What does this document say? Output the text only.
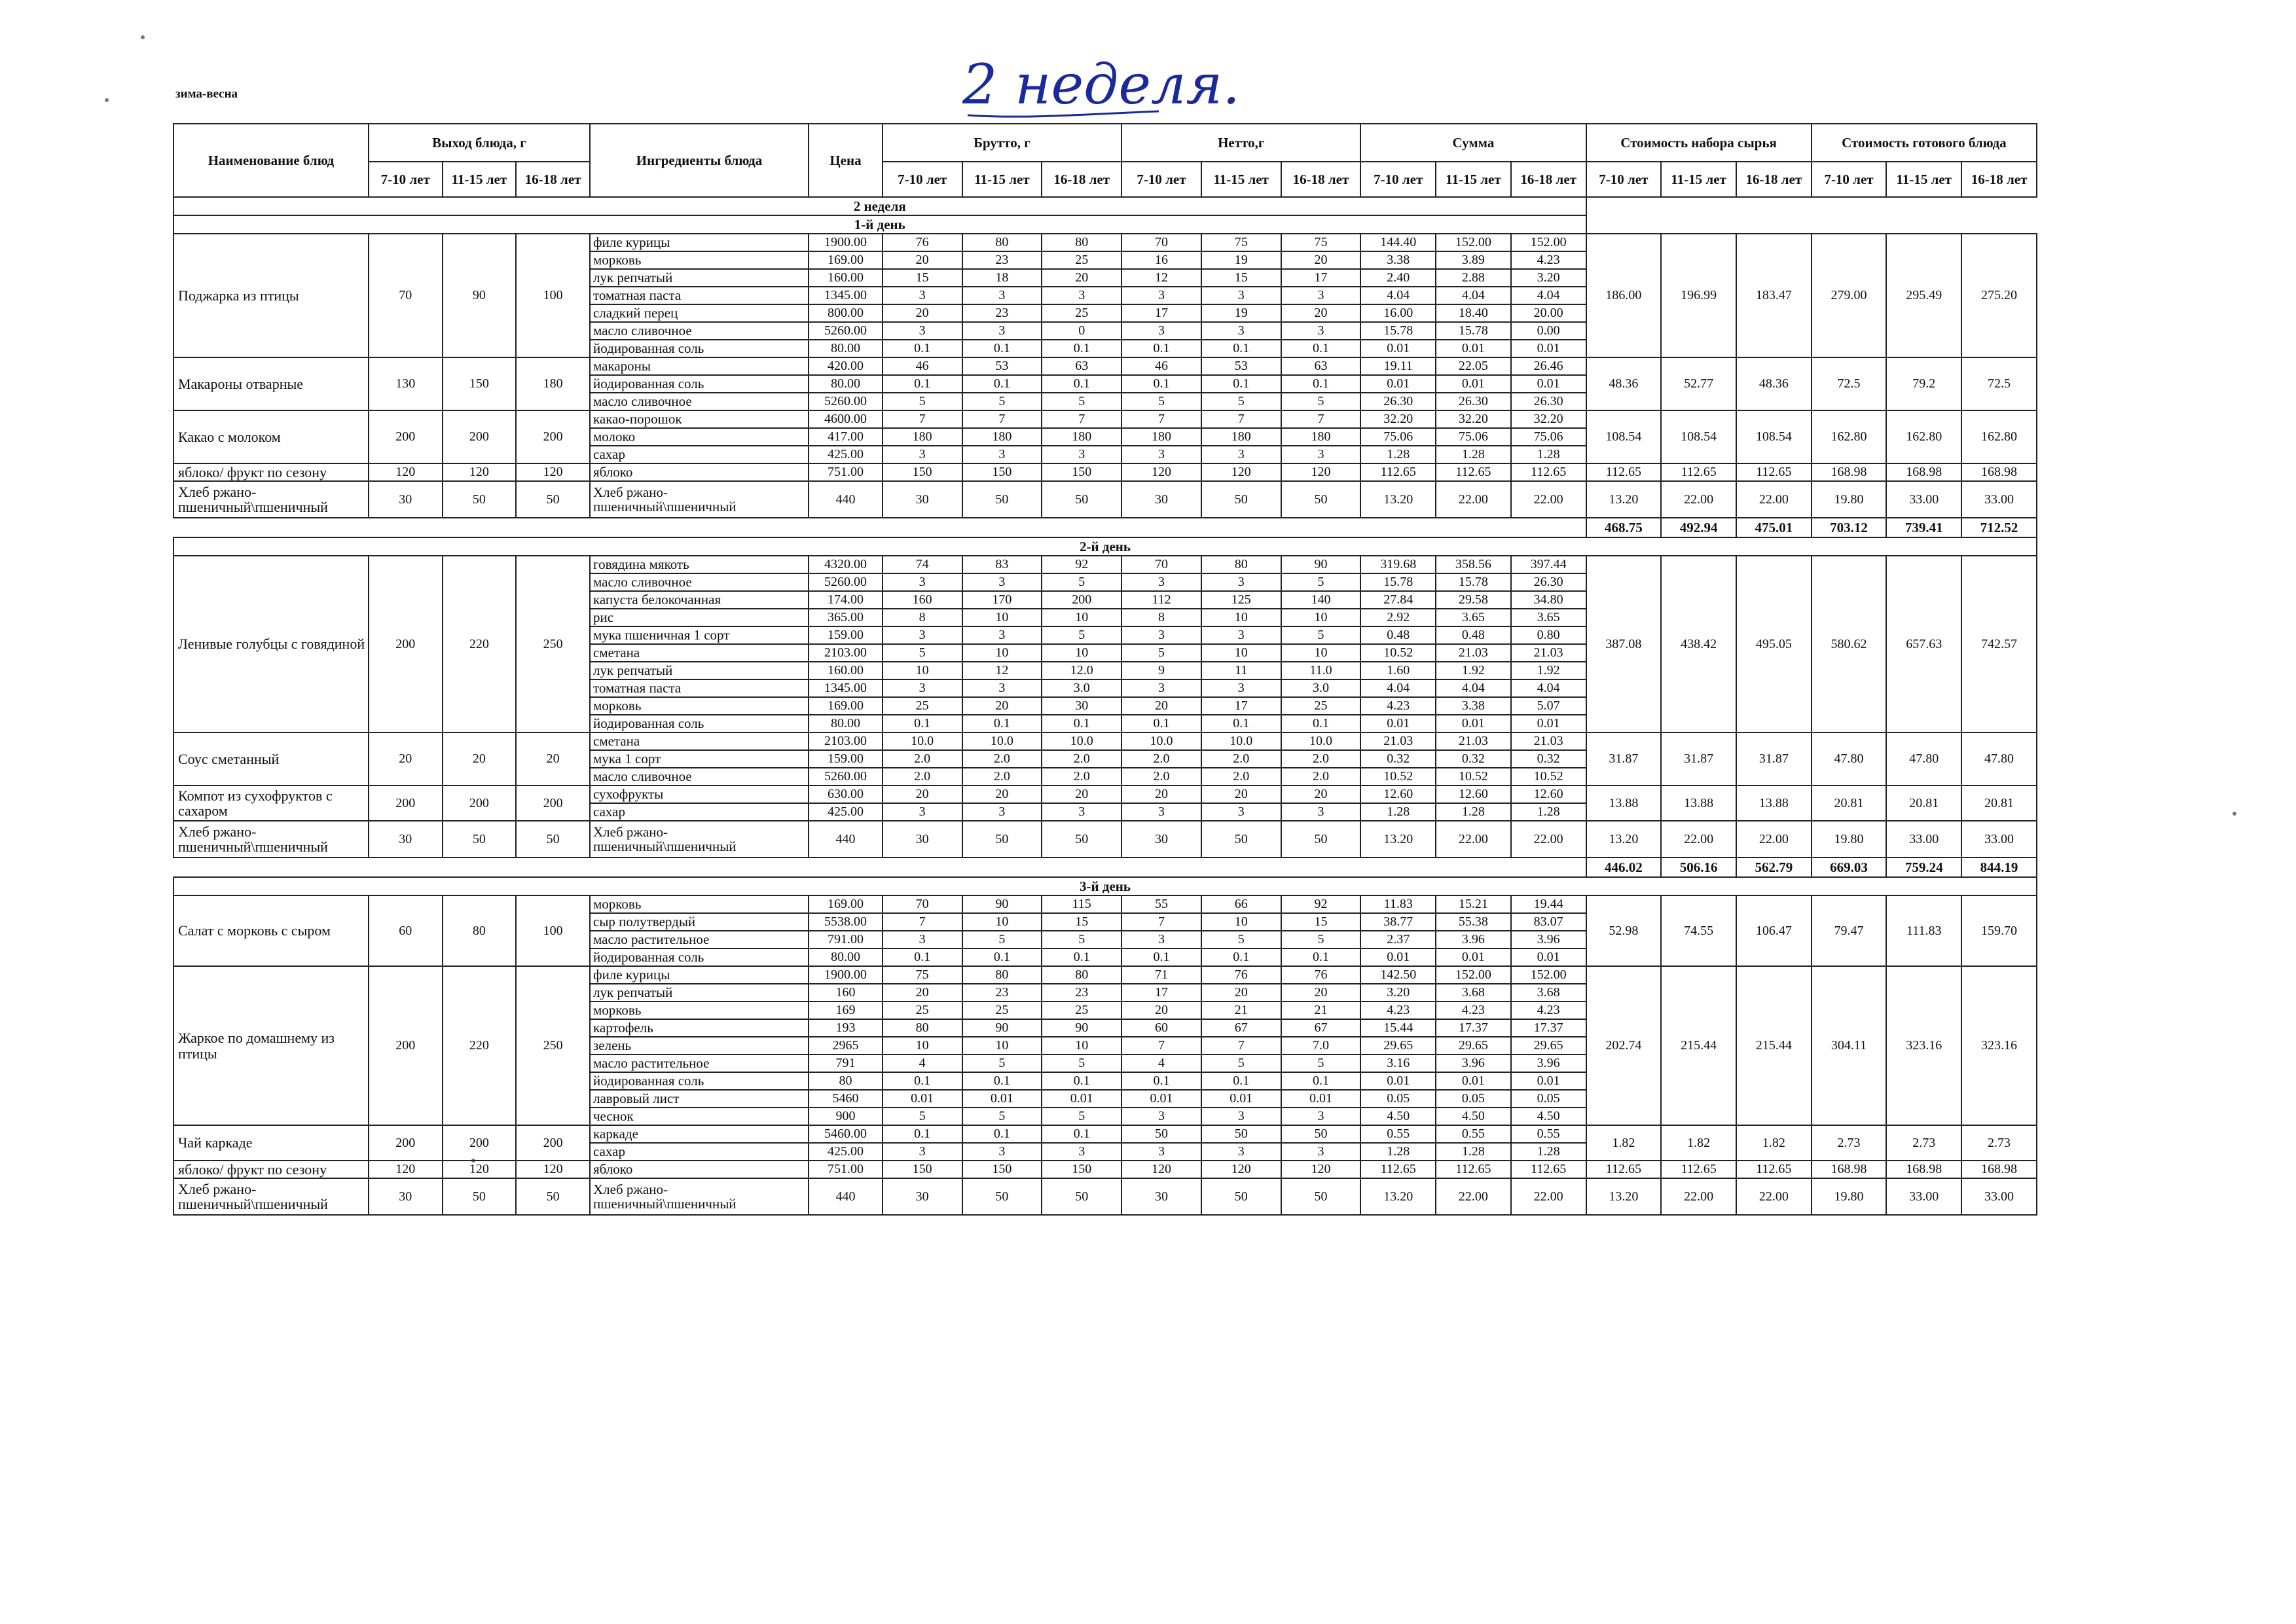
зима-весна	2 неделя.
Наименование блюд	Выход блюда, г			Ингредиенты блюда	Цена	Брутто, г			Нетто,г			Сумма			Стоимость набора сырья			Стоимость готового блюда		
	7-10 лет	11-15 лет	16-18 лет			7-10 лет	11-15 лет	16-18 лет	7-10 лет	11-15 лет	16-18 лет	7-10 лет	11-15 лет	16-18 лет	7-10 лет	11-15 лет	16-18 лет	7-10 лет	11-15 лет	16-18 лет
2 неделя																				
1-й день																				
Поджарка из птицы	70	90	100	филе курицы	1900.00	76	80	80	70	75	75	144.40	152.00	152.00	186.00	196.99	183.47	279.00	295.49	275.20
				морковь	169.00	20	23	25	16	19	20	3.38	3.89	4.23						
				лук репчатый	160.00	15	18	20	12	15	17	2.40	2.88	3.20						
				томатная паста	1345.00	3	3	3	3	3	3	4.04	4.04	4.04						
				сладкий перец	800.00	20	23	25	17	19	20	16.00	18.40	20.00						
				масло сливочное	5260.00	3	3	0	3	3	3	15.78	15.78	0.00						
				йодированная соль	80.00	0.1	0.1	0.1	0.1	0.1	0.1	0.01	0.01	0.01						
Макароны отварные	130	150	180	макароны	420.00	46	53	63	46	53	63	19.11	22.05	26.46	48.36	52.77	48.36	72.5	79.2	72.5
				йодированная соль	80.00	0.1	0.1	0.1	0.1	0.1	0.1	0.01	0.01	0.01						
				масло сливочное	5260.00	5	5	5	5	5	5	26.30	26.30	26.30						
Какао с молоком	200	200	200	какао-порошок	4600.00	7	7	7	7	7	7	32.20	32.20	32.20	108.54	108.54	108.54	162.80	162.80	162.80
				молоко	417.00	180	180	180	180	180	180	75.06	75.06	75.06						
				сахар	425.00	3	3	3	3	3	3	1.28	1.28	1.28						
яблоко/ фрукт по сезону	120	120	120	яблоко	751.00	150	150	150	120	120	120	112.65	112.65	112.65	112.65	112.65	112.65	168.98	168.98	168.98
Хлеб ржано-пшеничный\пшеничный	30	50	50	Хлеб ржано-пшеничный\пшеничный	440	30	50	50	30	50	50	13.20	22.00	22.00	13.20	22.00	22.00	19.80	33.00	33.00
															468.75	492.94	475.01	703.12	739.41	712.52
2-й день																				
Ленивые голубцы с говядиной	200	220	250	говядина мякоть	4320.00	74	83	92	70	80	90	319.68	358.56	397.44	387.08	438.42	495.05	580.62	657.63	742.57
				масло сливочное	5260.00	3	3	5	3	3	5	15.78	15.78	26.30						
				капуста белокочанная	174.00	160	170	200	112	125	140	27.84	29.58	34.80						
				рис	365.00	8	10	10	8	10	10	2.92	3.65	3.65						
				мука пшеничная 1 сорт	159.00	3	3	5	3	3	5	0.48	0.48	0.80						
				сметана	2103.00	5	10	10	5	10	10	10.52	21.03	21.03						
				лук репчатый	160.00	10	12	12.0	9	11	11.0	1.60	1.92	1.92						
				томатная паста	1345.00	3	3	3.0	3	3	3.0	4.04	4.04	4.04						
				морковь	169.00	25	20	30	20	17	25	4.23	3.38	5.07						
				йодированная соль	80.00	0.1	0.1	0.1	0.1	0.1	0.1	0.01	0.01	0.01						
Соус сметанный	20	20	20	сметана	2103.00	10.0	10.0	10.0	10.0	10.0	10.0	21.03	21.03	21.03	31.87	31.87	31.87	47.80	47.80	47.80
				мука 1 сорт	159.00	2.0	2.0	2.0	2.0	2.0	2.0	0.32	0.32	0.32						
				масло сливочное	5260.00	2.0	2.0	2.0	2.0	2.0	2.0	10.52	10.52	10.52						
Компот из сухофруктов с сахаром	200	200	200	сухофрукты	630.00	20	20	20	20	20	20	12.60	12.60	12.60	13.88	13.88	13.88	20.81	20.81	20.81
				сахар	425.00	3	3	3	3	3	3	1.28	1.28	1.28						
Хлеб ржано-пшеничный\пшеничный	30	50	50	Хлеб ржано-пшеничный\пшеничный	440	30	50	50	30	50	50	13.20	22.00	22.00	13.20	22.00	22.00	19.80	33.00	33.00
															446.02	506.16	562.79	669.03	759.24	844.19
3-й день																				
Салат с морковь с сыром	60	80	100	морковь	169.00	70	90	115	55	66	92	11.83	15.21	19.44	52.98	74.55	106.47	79.47	111.83	159.70
				сыр полутвердый	5538.00	7	10	15	7	10	15	38.77	55.38	83.07						
				масло растительное	791.00	3	5	5	3	5	5	2.37	3.96	3.96						
				йодированная соль	80.00	0.1	0.1	0.1	0.1	0.1	0.1	0.01	0.01	0.01						
Жаркое по домашнему из птицы	200	220	250	филе курицы	1900.00	75	80	80	71	76	76	142.50	152.00	152.00	202.74	215.44	215.44	304.11	323.16	323.16
				лук репчатый	160	20	23	23	17	20	20	3.20	3.68	3.68						
				морковь	169	25	25	25	20	21	21	4.23	4.23	4.23						
				картофель	193	80	90	90	60	67	67	15.44	17.37	17.37						
				зелень	2965	10	10	10	7	7	7.0	29.65	29.65	29.65						
				масло растительное	791	4	5	5	4	5	5	3.16	3.96	3.96						
				йодированная соль	80	0.1	0.1	0.1	0.1	0.1	0.1	0.01	0.01	0.01						
				лавровый лист	5460	0.01	0.01	0.01	0.01	0.01	0.01	0.05	0.05	0.05						
				чеснок	900	5	5	5	3	3	3	4.50	4.50	4.50						
Чай каркаде	200	200	200	каркаде	5460.00	0.1	0.1	0.1	50	50	50	0.55	0.55	0.55	1.82	1.82	1.82	2.73	2.73	2.73
				сахар	425.00	3	3	3	3	3	3	1.28	1.28	1.28						
яблоко/ фрукт по сезону	120	120	120	яблоко	751.00	150	150	150	120	120	120	112.65	112.65	112.65	112.65	112.65	112.65	168.98	168.98	168.98
Хлеб ржано-пшеничный\пшеничный	30	50	50	Хлеб ржано-пшеничный\пшеничный	440	30	50	50	30	50	50	13.20	22.00	22.00	13.20	22.00	22.00	19.80	33.00	33.00
